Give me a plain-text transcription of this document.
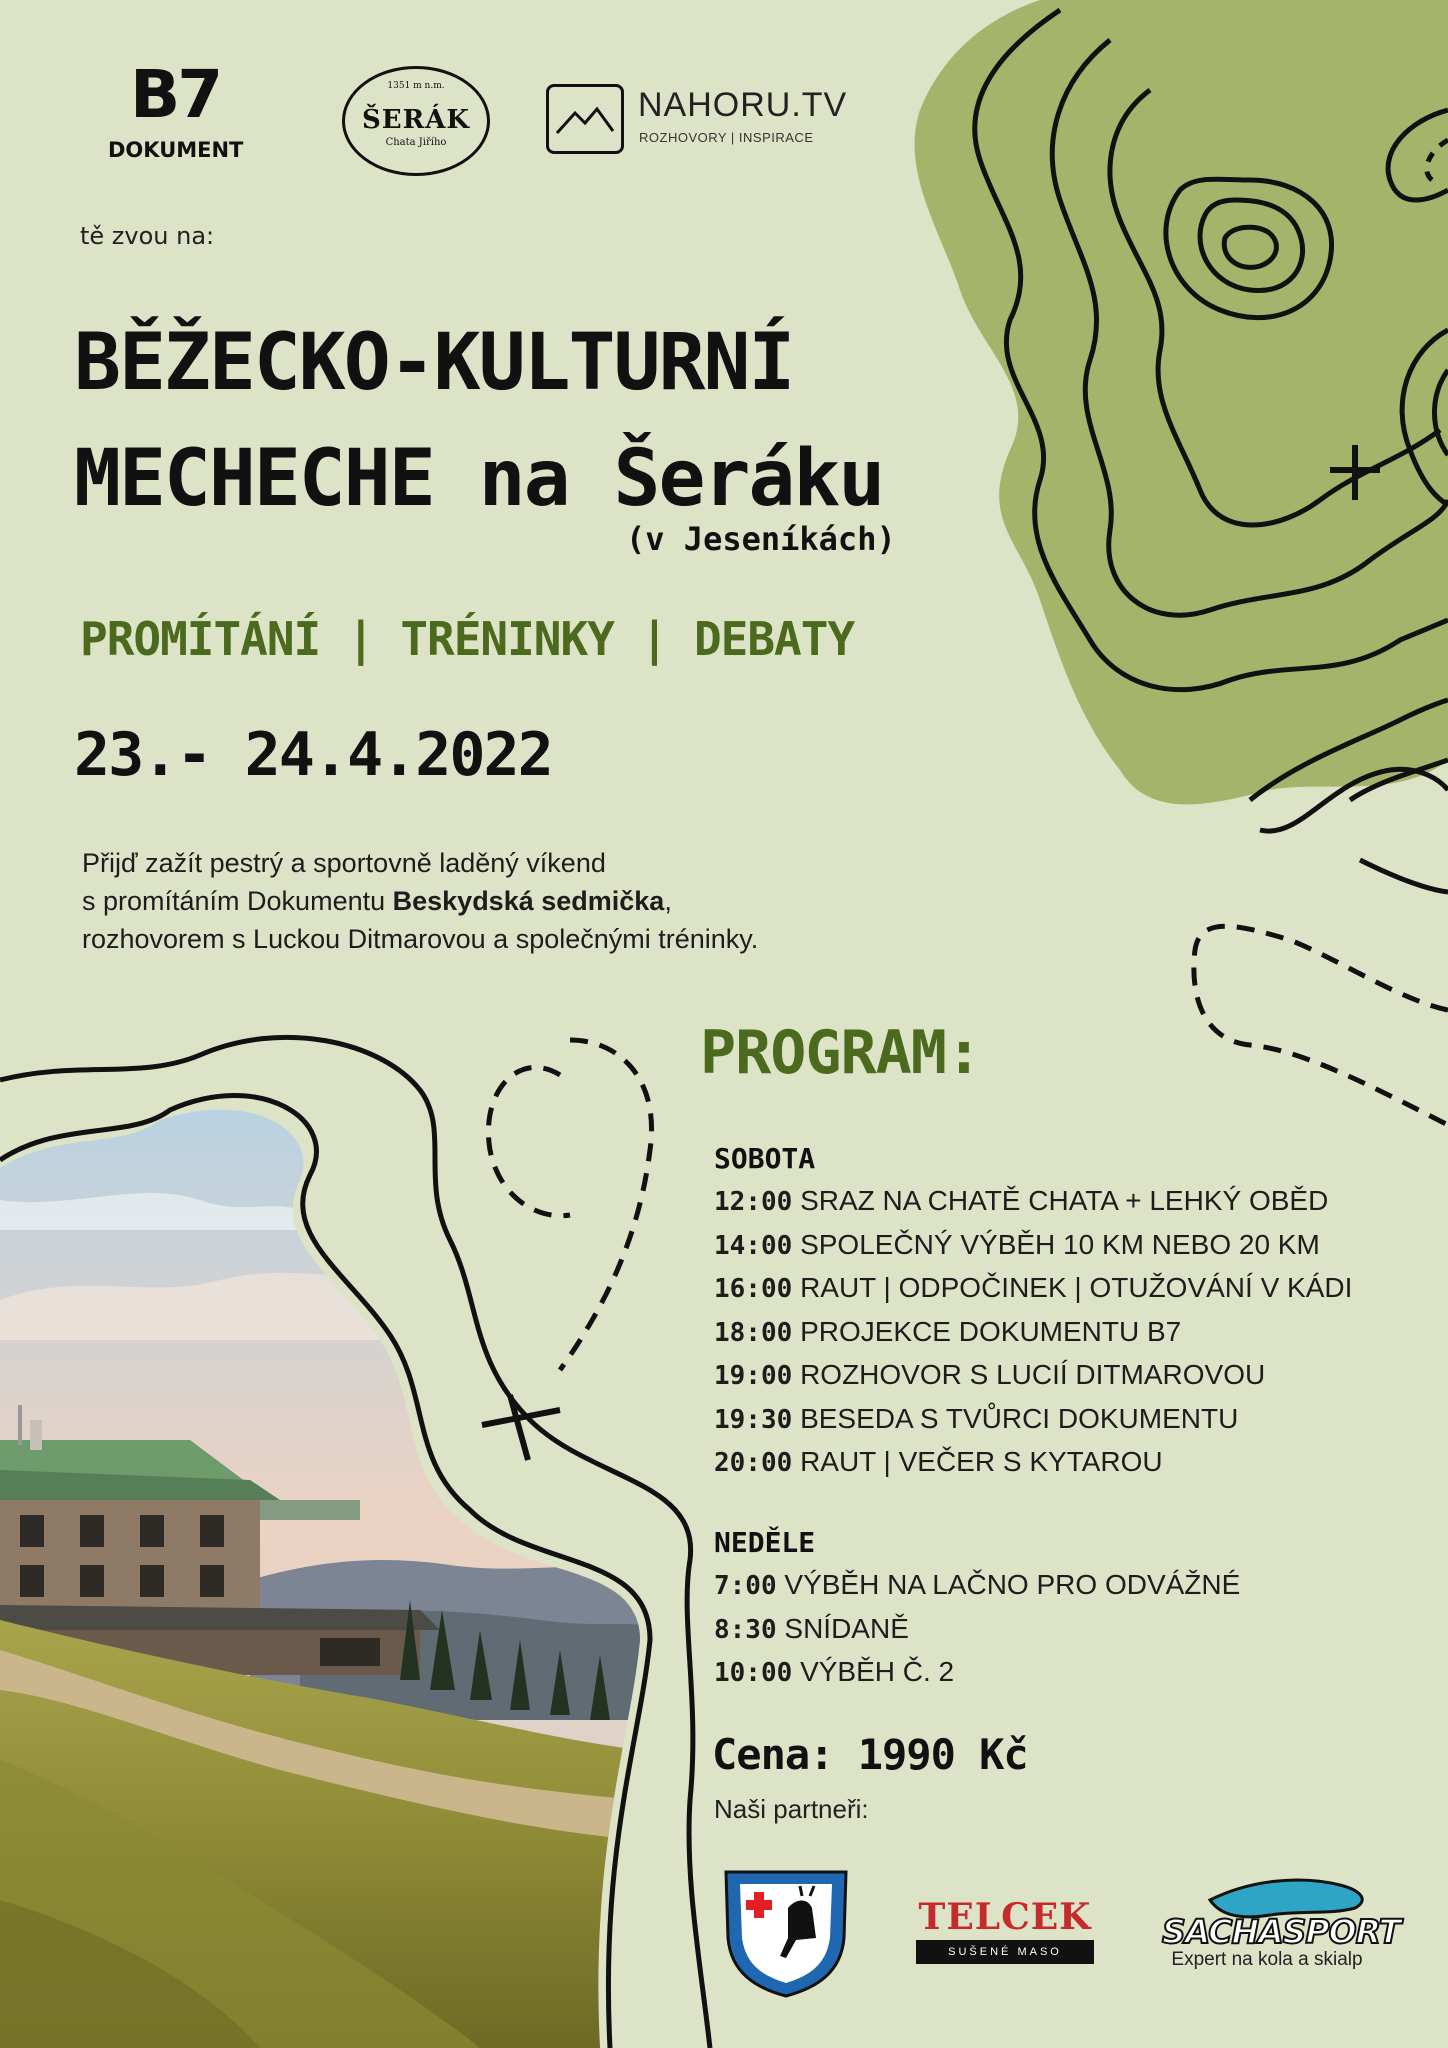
B7
DOKUMENT
1351 m n.m.
ŠERÁK
Chata Jiřího
NAHORU.TV
ROZHOVORY | INSPIRACE
tě zvou na:
BĚŽECKO-KULTURNÍ
MECHECHE na Šeráku
(v Jeseníkách)
PROMÍTÁNÍ | TRÉNINKY | DEBATY
23.- 24.4.2022
Přijď zažít pestrý a sportovně laděný víkend
s promítáním Dokumentu Beskydská sedmička,
rozhovorem s Luckou Ditmarovou a společnými tréninky.
PROGRAM:
SOBOTA
12:00 SRAZ NA CHATĚ CHATA + LEHKÝ OBĚD
14:00 SPOLEČNÝ VÝBĚH 10 KM NEBO 20 KM
16:00 RAUT | ODPOČINEK | OTUŽOVÁNÍ V KÁDI
18:00 PROJEKCE DOKUMENTU B7
19:00 ROZHOVOR S LUCIÍ DITMAROVOU
19:30 BESEDA S TVŮRCI DOKUMENTU
20:00 RAUT | VEČER S KYTAROU
NEDĚLE
7:00 VÝBĚH NA LAČNO PRO ODVÁŽNÉ
8:30 SNÍDANĚ
10:00 VÝBĚH Č. 2
Cena: 1990 Kč
Naši partneři:
TELCEK
SUŠENÉ MASO
SACHASPORT
Expert na kola a skialp
